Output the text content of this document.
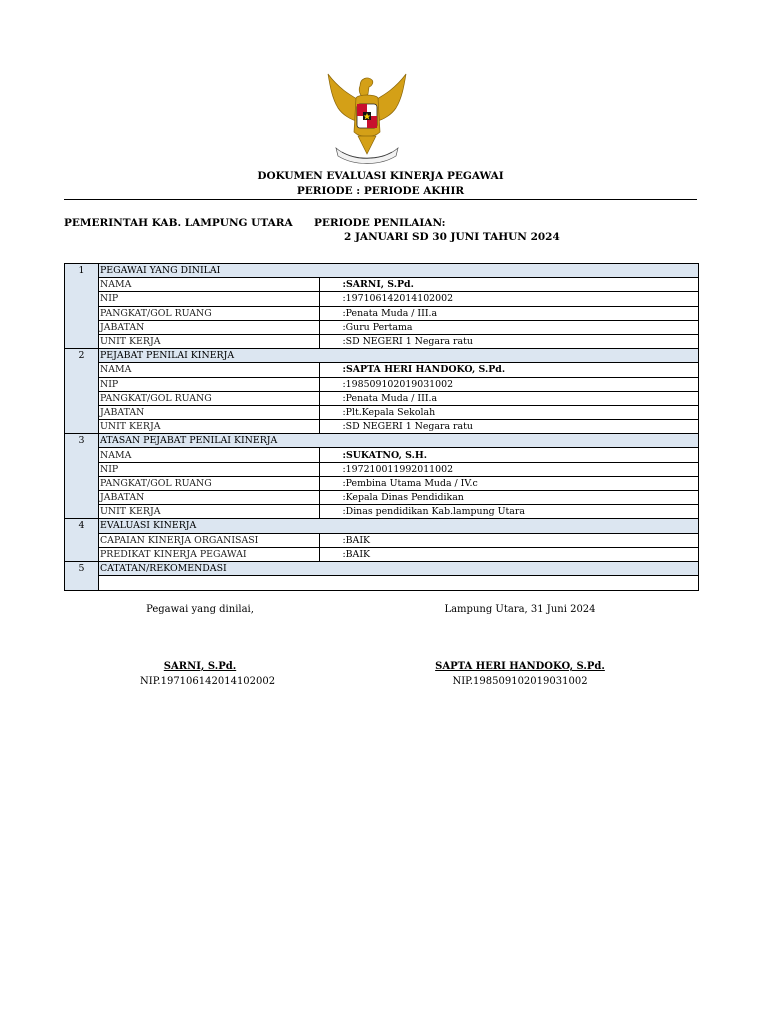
DOKUMEN EVALUASI KINERJA PEGAWAI
PERIODE : PERIODE AKHIR
PEMERINTAH KAB. LAMPUNG UTARA PERIODE PENILAIAN:
2 JANUARI SD 30 JUNI TAHUN 2024
1	PEGAWAI YANG DINILAI		
	NAMA		:SARNI, S.Pd.
	NIP		:197106142014102002
	PANGKAT/GOL RUANG		:Penata Muda / III.a
	JABATAN		:Guru Pertama
	UNIT KERJA		:SD NEGERI 1 Negara ratu
2	PEJABAT PENILAI KINERJA		
	NAMA		:SAPTA HERI HANDOKO, S.Pd.
	NIP		:198509102019031002
	PANGKAT/GOL RUANG		:Penata Muda / III.a
	JABATAN		:Plt.Kepala Sekolah
	UNIT KERJA		:SD NEGERI 1 Negara ratu
3	ATASAN PEJABAT PENILAI KINERJA		
	NAMA		:SUKATNO, S.H.
	NIP		:197210011992011002
	PANGKAT/GOL RUANG		:Pembina Utama Muda / IV.c
	JABATAN		:Kepala Dinas Pendidikan
	UNIT KERJA		:Dinas pendidikan Kab.lampung Utara
4	EVALUASI KINERJA		
	CAPAIAN KINERJA ORGANISASI		:BAIK
	PREDIKAT KINERJA PEGAWAI		:BAIK
5	CATATAN/REKOMENDASI		

Pegawai yang dinilai,	Lampung Utara, 31 Juni 2024
SARNI, S.Pd.	SAPTA HERI HANDOKO, S.Pd.
NIP.197106142014102002	NIP.198509102019031002
